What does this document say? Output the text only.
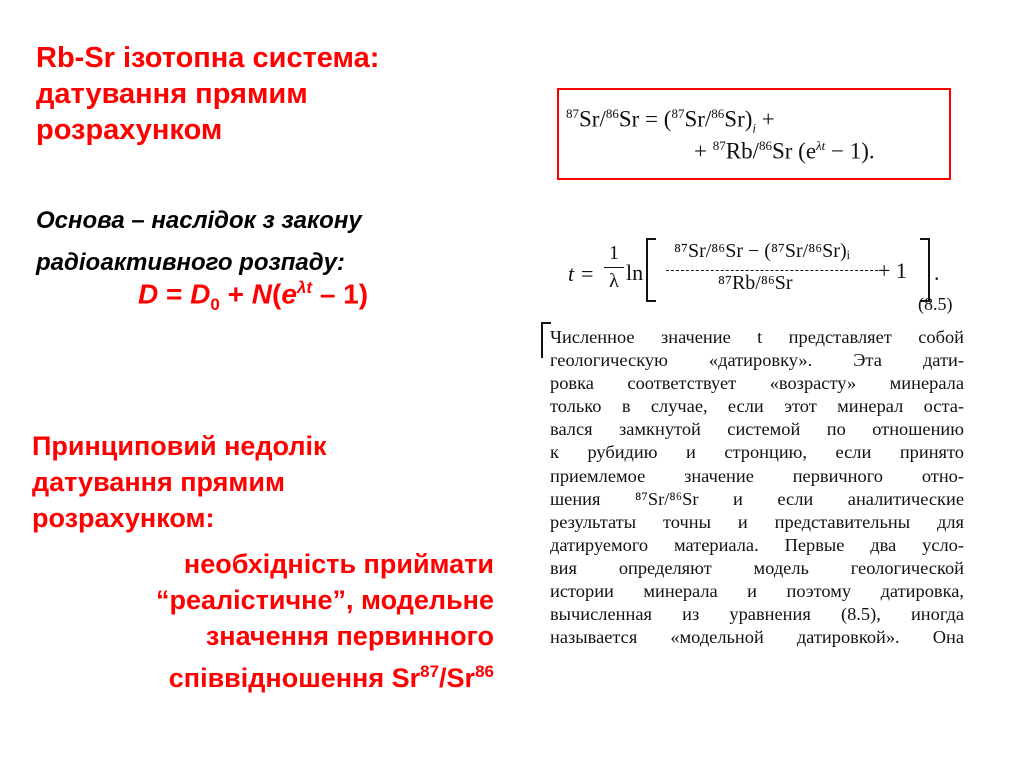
Rb-Sr ізотопна система:
датування прямим
розрахунком
Основа – наслідок з закону
радіоактивного розпаду:
$D = D_0 + N(e^{\lambda t} - 1)$
Принциповий недолік
датування прямим
розрахунком:
необхідність приймати
“реалістичне”, модельне
значення первинного
співвідношення Sr$^{87}$/Sr$^{86}$
$^{87}Sr/^{86}Sr = (^{87}Sr/^{86}Sr)_i$ +
+ $^{87}$Rb/$^{86}$Sr $(e^{\lambda t} - 1)$.
t =
1
λ ln
⁸⁷Sr/⁸⁶Sr − (⁸⁷Sr/⁸⁶Sr)ᵢ
⁸⁷Rb/⁸⁶Sr	+ 1 .
(8.5)
Численное значение t представляет собой
геологическую «датировку». Эта дати-
ровка соответствует «возрасту» минерала
только в случае, если этот минерал оста-
вался замкнутой системой по отношению
к рубидию и стронцию, если принято
приемлемое значение первичного отно-
шения ⁸⁷Sr/⁸⁶Sr и если аналитические
результаты точны и представительны для
датируемого материала. Первые два усло-
вия определяют модель геологической
истории минерала и поэтому датировка,
вычисленная из уравнения (8.5), иногда
называется «модельной датировкой». Она
